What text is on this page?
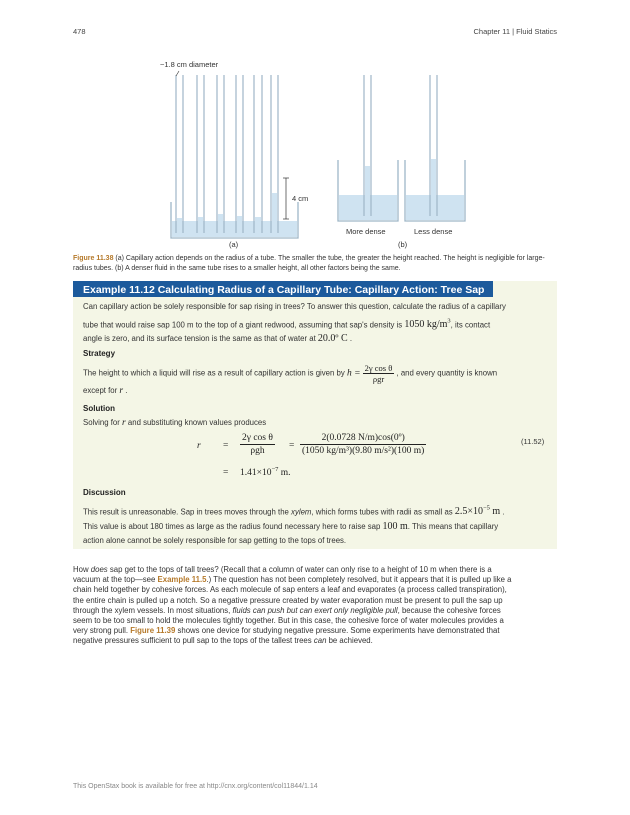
478	Chapter 11 | Fluid Statics
~1.8 cm diameter
4 cm
(a)
More dense	Less dense
(b)
Figure 11.38 (a) Capillary action depends on the radius of a tube. The smaller the tube, the greater the height reached. The height is negligible for large-radius tubes. (b) A denser fluid in the same tube rises to a smaller height, all other factors being the same.
Example 11.12 Calculating Radius of a Capillary Tube: Capillary Action: Tree Sap
Can capillary action be solely responsible for sap rising in trees? To answer this question, calculate the radius of a capillary
tube that would raise sap 100 m to the top of a giant redwood, assuming that sap's density is 1050 $kg/m^3$, its contact
angle is zero, and its surface tension is the same as that of water at 20.0º C .
Strategy
The height to which a liquid will rise as a result of capillary action is given by $h = \frac{\text{2γ cos θ}}{\text{ρgr}}$ , and every quantity is known
except for r .
Solution
Solving for r and substituting known values produces
r =
2γ cos θ
ρgh	= $\frac{\text{2(0.0728 N/m)cos(0º)}}{\text{(1050 kg/m³)(9.80 m/s²)(100 m)}}$
= $1.41\times 10^{-7}$ m.
(11.52)
Discussion
This result is unreasonable. Sap in trees moves through the xylem, which forms tubes with radii as small as $2.5\times 10^{-5}$ m .
This value is about 180 times as large as the radius found necessary here to raise sap 100 m. This means that capillary
action alone cannot be solely responsible for sap getting to the tops of trees.
How does sap get to the tops of tall trees? (Recall that a column of water can only rise to a height of 10 m when there is a
vacuum at the top—see Example 11.5.) The question has not been completely resolved, but it appears that it is pulled up like a
chain held together by cohesive forces. As each molecule of sap enters a leaf and evaporates (a process called transpiration),
the entire chain is pulled up a notch. So a negative pressure created by water evaporation must be present to pull the sap up
through the xylem vessels. In most situations, fluids can push but can exert only negligible pull, because the cohesive forces
seem to be too small to hold the molecules tightly together. But in this case, the cohesive force of water molecules provides a
very strong pull. Figure 11.39 shows one device for studying negative pressure. Some experiments have demonstrated that
negative pressures sufficient to pull sap to the tops of the tallest trees can be achieved.
This OpenStax book is available for free at http://cnx.org/content/col11844/1.14
